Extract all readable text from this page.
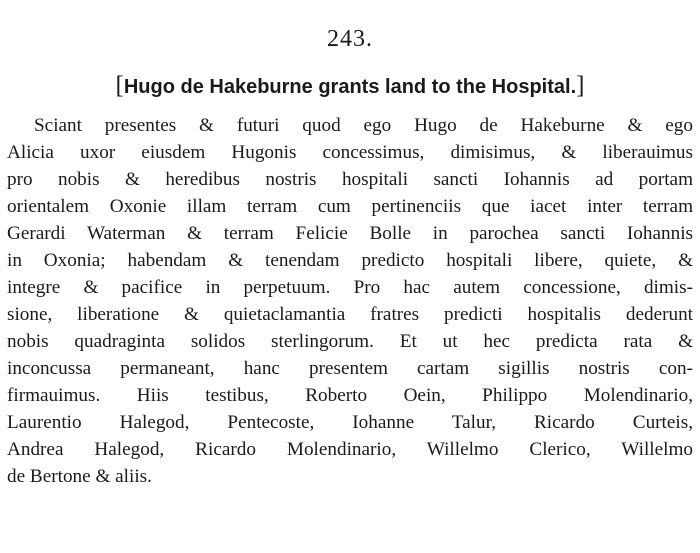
243.
[Hugo de Hakeburne grants land to the Hospital.]
Sciant presentes & futuri quod ego Hugo de Hakeburne & ego
Alicia uxor eiusdem Hugonis concessimus, dimisimus, & liberauimus
pro nobis & heredibus nostris hospitali sancti Iohannis ad portam
orientalem Oxonie illam terram cum pertinenciis que iacet inter terram
Gerardi Waterman & terram Felicie Bolle in parochea sancti Iohannis
in Oxonia; habendam & tenendam predicto hospitali libere, quiete, &
integre & pacifice in perpetuum. Pro hac autem concessione, dimis-
sione, liberatione & quietaclamantia fratres predicti hospitalis dederunt
nobis quadraginta solidos sterlingorum. Et ut hec predicta rata &
inconcussa permaneant, hanc presentem cartam sigillis nostris con-
firmauimus. Hiis testibus, Roberto Oein, Philippo Molendinario,
Laurentio Halegod, Pentecoste, Iohanne Talur, Ricardo Curteis,
Andrea Halegod, Ricardo Molendinario, Willelmo Clerico, Willelmo
de Bertone & aliis.
